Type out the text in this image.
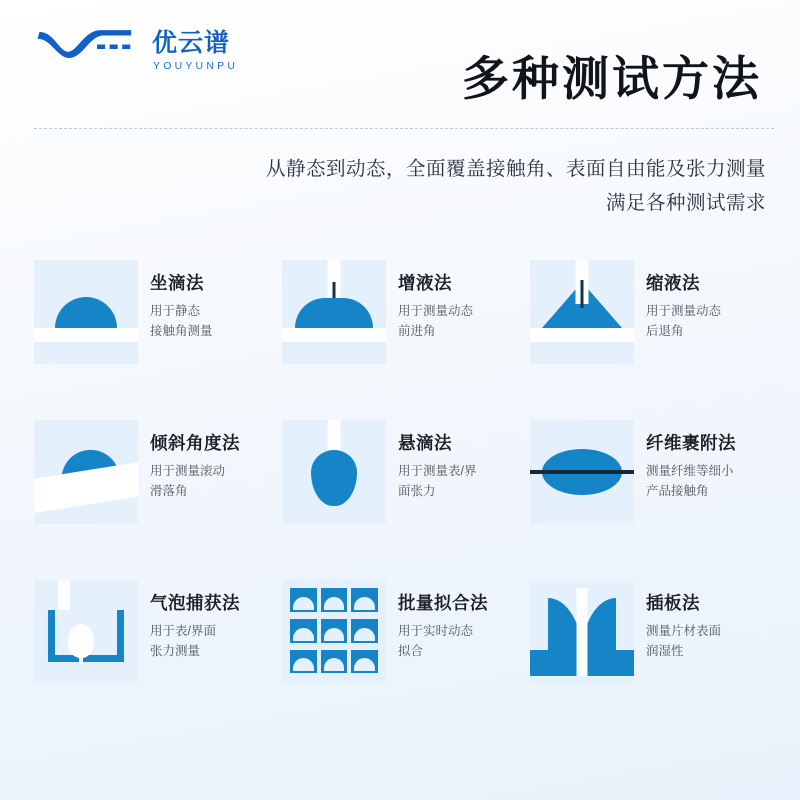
优云谱
YOUYUNPU	多种测试方法
从静态到动态，全面覆盖接触角、表面自由能及张力测量
满足各种测试需求
坐滴法
用于静态
接触角测量
增液法
用于测量动态
前进角
缩液法
用于测量动态
后退角
倾斜角度法
用于测量滚动
滑落角
悬滴法
用于测量表/界
面张力
纤维裹附法
测量纤维等细小
产品接触角
气泡捕获法
用于表/界面
张力测量
批量拟合法
用于实时动态
拟合
插板法
测量片材表面
润湿性
